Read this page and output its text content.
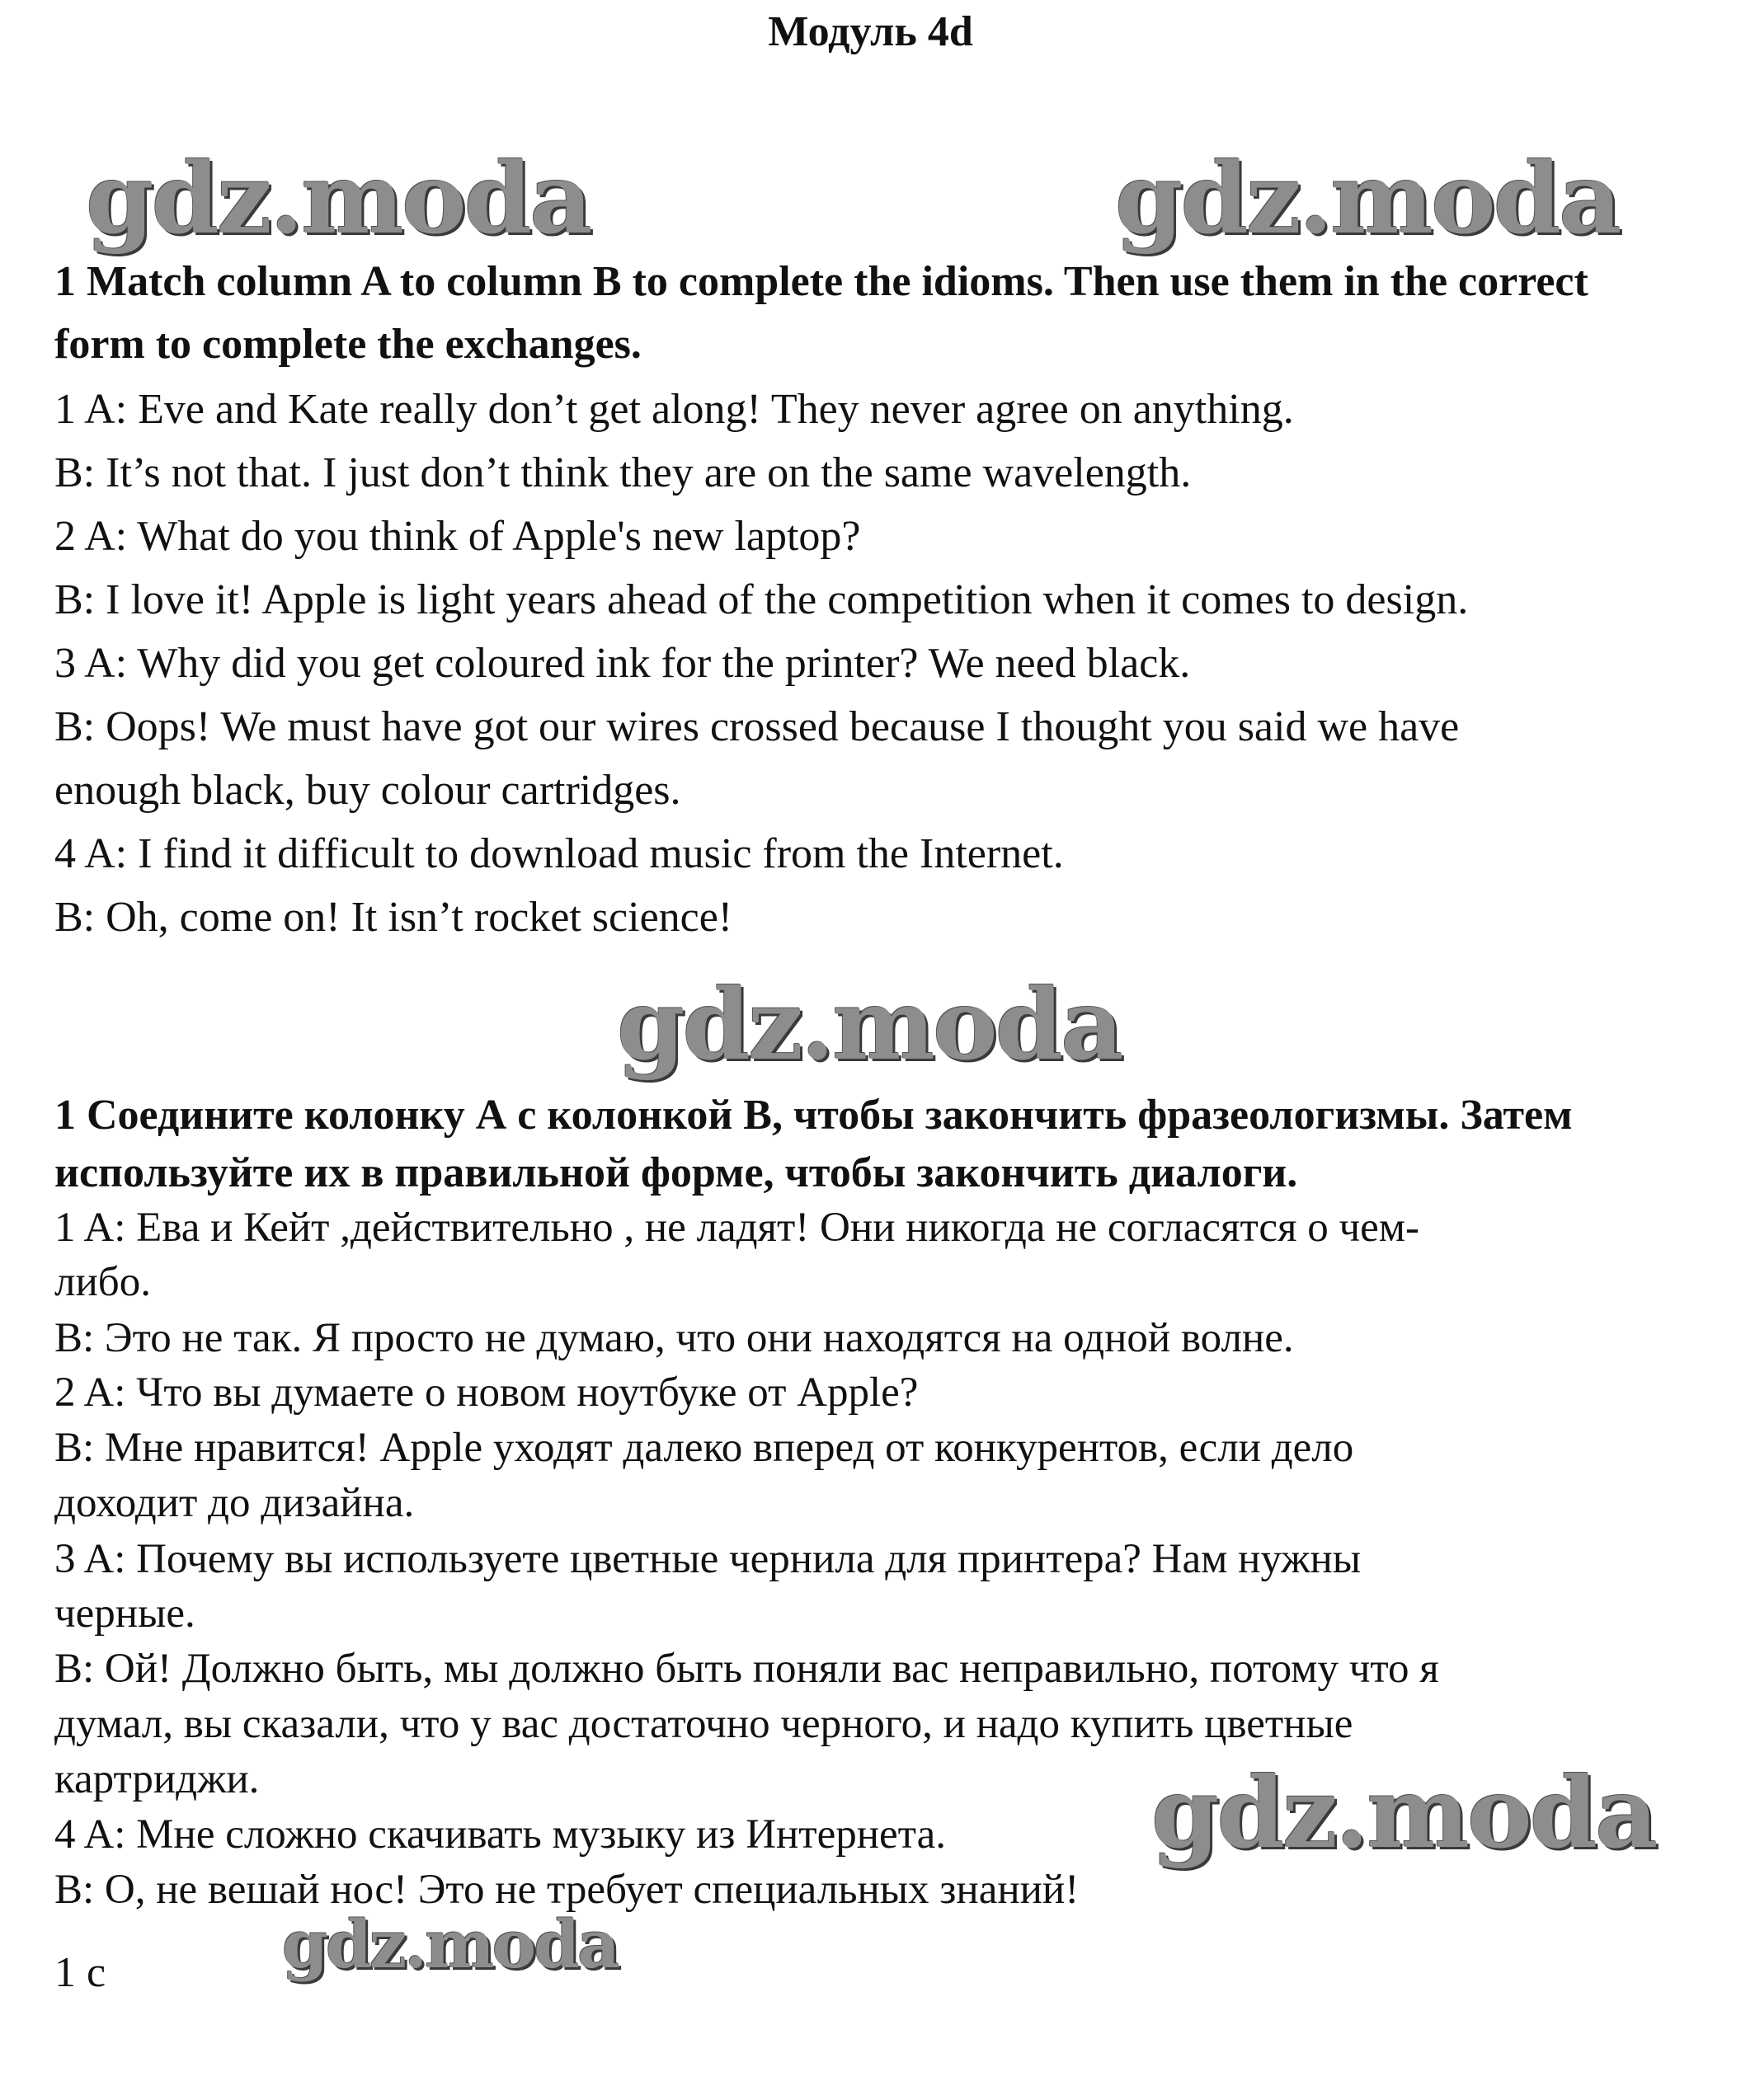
Модуль 4d
gdz.moda	gdz.moda
gdz.moda
gdz.moda
gdz.moda
1 Match column A to column B to complete the idioms. Then use them in the correct form to complete the exchanges.
1 A: Eve and Kate really don’t get along! They never agree on anything.
B: It’s not that. I just don’t think they are on the same wavelength.
2 A: What do you think of Apple's new laptop?
B: I love it! Apple is light years ahead of the competition when it comes to design.
3 A: Why did you get coloured ink for the printer? We need black.
B: Oops! We must have got our wires crossed because I thought you said we have
enough black, buy colour cartridges.
4 A: I find it difficult to download music from the Internet.
B: Oh, come on! It isn’t rocket science!
1 Соедините колонку А с колонкой В, чтобы закончить фразеологизмы. Затем используйте их в правильной форме, чтобы закончить диалоги.
1 A: Ева и Кейт ,действительно , не ладят! Они никогда не согласятся о чем-
либо.
B: Это не так. Я просто не думаю, что они находятся на одной волне.
2 A: Что вы думаете о новом ноутбуке от Apple?
B: Мне нравится! Apple уходят далеко вперед от конкурентов, если дело
доходит до дизайна.
3 A: Почему вы используете цветные чернила для принтера? Нам нужны
черные.
B: Ой! Должно быть, мы должно быть поняли вас неправильно, потому что я
думал, вы сказали, что у вас достаточно черного, и надо купить цветные
картриджи.
4 A: Мне сложно скачивать музыку из Интернета.
B: О, не вешай нос! Это не требует специальных знаний!
1 c
